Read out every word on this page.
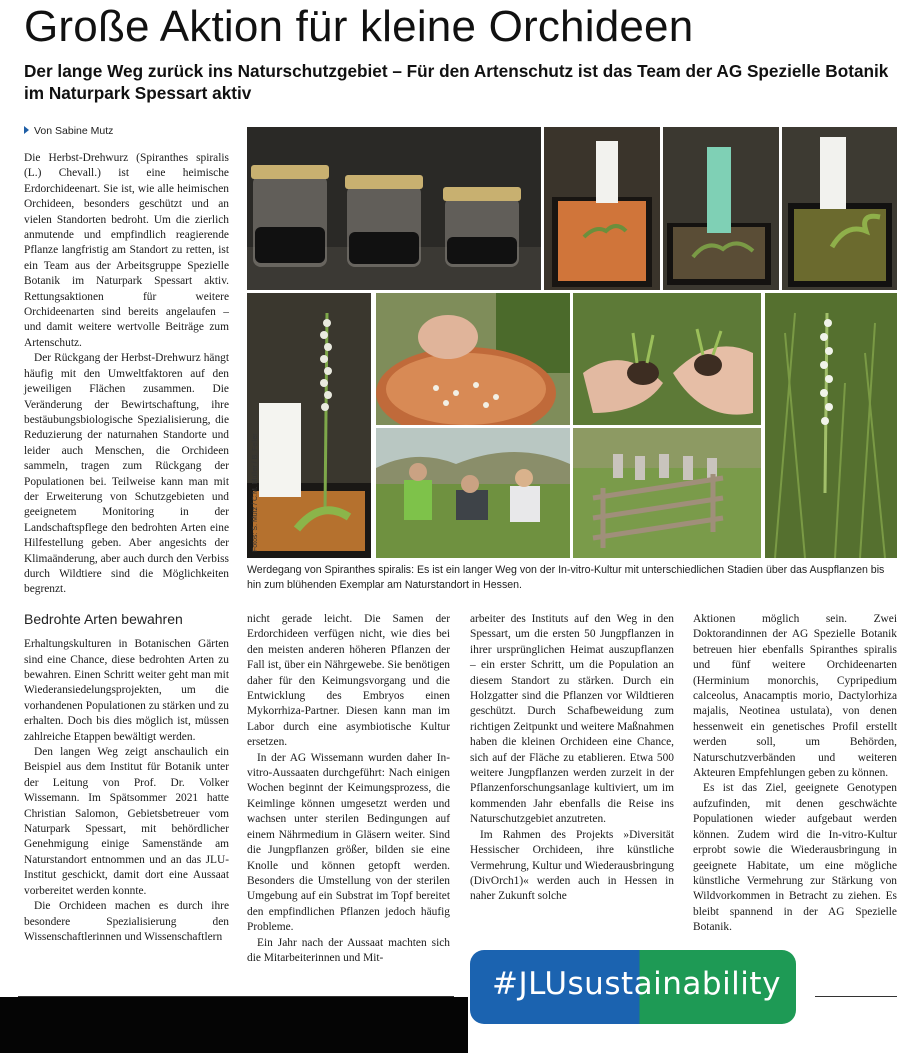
Große Aktion für kleine Orchideen
Der lange Weg zurück ins Naturschutzgebiet – Für den Artenschutz ist das Team der AG Spezielle Botanik im Naturpark Spessart aktiv
Von Sabine Mutz

Die Herbst-Drehwurz (Spiranthes spiralis (L.) Chevall.) ist eine heimische Erdorchideenart. Sie ist, wie alle heimischen Orchideen, besonders geschützt und an vielen Standorten bedroht. Um die zierlich anmutende und empfindlich reagierende Pflanze langfristig am Standort zu retten, ist ein Team aus der Arbeitsgruppe Spezielle Botanik im Naturpark Spessart aktiv. Rettungsaktionen für weitere Orchideenarten sind bereits angelaufen – und damit weitere wertvolle Beiträge zum Artenschutz.

Der Rückgang der Herbst-Drehwurz hängt häufig mit den Umweltfaktoren auf den jeweiligen Flächen zusammen. Die Veränderung der Bewirtschaftung, ihre bestäubungsbiologische Spezialisierung, die Reduzierung der naturnahen Standorte und leider auch Menschen, die Orchideen sammeln, tragen zum Rückgang der Populationen bei. Teilweise kann man mit der Erweiterung von Schutzgebieten und geeignetem Monitoring in der Landschaftspflege den bedrohten Arten eine Hilfestellung geben. Aber angesichts der Klimaänderung, aber auch durch den Verbiss durch Wildtiere sind die Möglichkeiten begrenzt.

Bedrohte Arten bewahren

Erhaltungskulturen in Botanischen Gärten sind eine Chance, diese bedrohten Arten zu bewahren. Einen Schritt weiter geht man mit Wiederansiedelungsprojekten, um die vorhandenen Populationen zu stärken und zu erhalten. Doch bis dies möglich ist, müssen zahlreiche Etappen bewältigt werden.

Den langen Weg zeigt anschaulich ein Beispiel aus dem Institut für Botanik unter der Leitung von Prof. Dr. Volker Wissemann. Im Spätsommer 2021 hatte Christian Salomon, Gebietsbetreuer vom Naturpark Spessart, mit behördlicher Genehmigung einige Samenstände am Naturstandort entnommen und an das JLU-Institut geschickt, damit dort eine Aussaat vorbereitet werden konnte.

Die Orchideen machen es durch ihre besondere Spezialisierung den Wissenschaftlerinnen und Wissenschaftlern

Fotos: S. Mutz / C.M. Müller / B. Feller
Werdegang von Spiranthes spiralis: Es ist ein langer Weg von der In-vitro-Kultur mit unterschiedlichen Stadien über das Auspflanzen bis hin zum blühenden Exemplar am Naturstandort in Hessen.

nicht gerade leicht. Die Samen der Erdorchideen verfügen nicht, wie dies bei den meisten anderen höheren Pflanzen der Fall ist, über ein Nährgewebe. Sie benötigen daher für den Keimungsvorgang und die Entwicklung des Embryos einen Mykorrhiza-Partner. Diesen kann man im Labor durch eine asymbiotische Kultur ersetzen.

In der AG Wissemann wurden daher In-vitro-Aussaaten durchgeführt: Nach einigen Wochen beginnt der Keimungsprozess, die Keimlinge können umgesetzt werden und wachsen unter sterilen Bedingungen auf einem Nährmedium in Gläsern weiter. Sind die Jungpflanzen größer, bilden sie eine Knolle und können getopft werden. Besonders die Umstellung von der sterilen Umgebung auf ein Substrat im Topf bereitet den empfindlichen Pflanzen jedoch häufig Probleme.

Ein Jahr nach der Aussaat machten sich die Mitarbeiterinnen und Mit-

arbeiter des Instituts auf den Weg in den Spessart, um die ersten 50 Jungpflanzen in ihrer ursprünglichen Heimat auszupflanzen – ein erster Schritt, um die Population an diesem Standort zu stärken. Durch ein Holzgatter sind die Pflanzen vor Wildtieren geschützt. Durch Schafbeweidung zum richtigen Zeitpunkt und weitere Maßnahmen haben die kleinen Orchideen eine Chance, sich auf der Fläche zu etablieren. Etwa 500 weitere Jungpflanzen werden zurzeit in der Pflanzenforschungsanlage kultiviert, um im kommenden Jahr ebenfalls die Reise ins Naturschutzgebiet anzutreten.

Im Rahmen des Projekts »Diversität Hessischer Orchideen, ihre künstliche Vermehrung, Kultur und Wiederausbringung (DivOrch1)« werden auch in Hessen in naher Zukunft solche

Aktionen möglich sein. Zwei Doktorandinnen der AG Spezielle Botanik betreuen hier ebenfalls Spiranthes spiralis und fünf weitere Orchideenarten (Herminium monorchis, Cypripedium calceolus, Anacamptis morio, Dactylorhiza majalis, Neotinea ustulata), von denen hessenweit ein genetisches Profil erstellt werden soll, um Behörden, Naturschutzverbänden und weiteren Akteuren Empfehlungen geben zu können.

Es ist das Ziel, geeignete Genotypen aufzufinden, mit denen geschwächte Populationen wieder aufgebaut werden können. Zudem wird die In-vitro-Kultur erprobt sowie die Wiederausbringung in geeignete Habitate, um eine mögliche künstliche Vermehrung zur Stärkung von Wildvorkommen in Betracht zu ziehen. Es bleibt spannend in der AG Spezielle Botanik.

#JLUsustainability
